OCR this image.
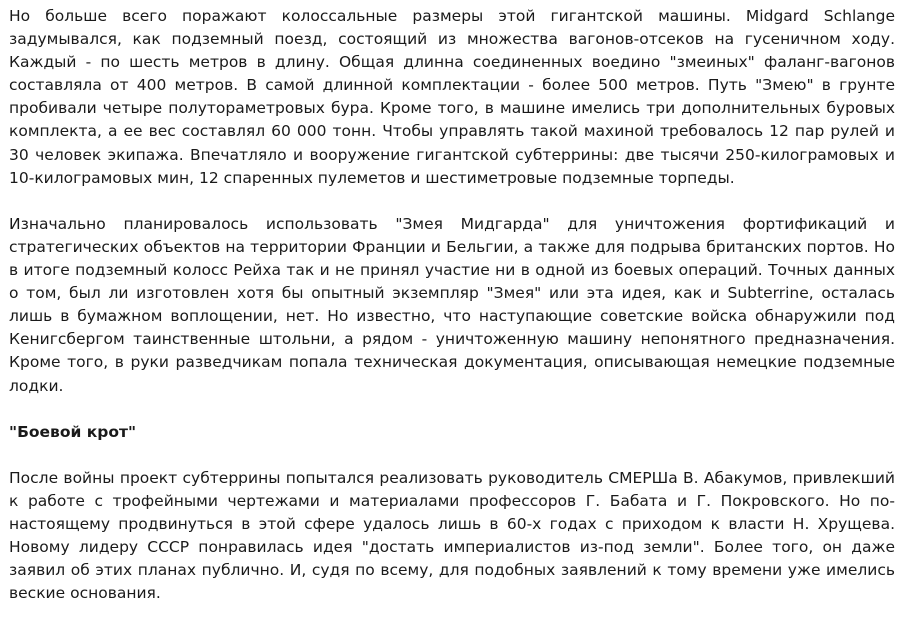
Но больше всего поражают колоссальные размеры этой гигантской машины. Midgard Schlange задумывался, как подземный поезд, состоящий из множества вагонов-отсеков на гусеничном ходу. Каждый - по шесть метров в длину. Общая длинна соединенных воедино "змеиных" фаланг-вагонов составляла от 400 метров. В самой длинной комплектации - более 500 метров. Путь "Змею" в грунте пробивали четыре полутораметровых бура. Кроме того, в машине имелись три дополнительных буровых комплекта, а ее вес составлял 60 000 тонн. Чтобы управлять такой махиной требовалось 12 пар рулей и 30 человек экипажа. Впечатляло и вооружение гигантской субтеррины: две тысячи 250-килограмовых и 10-килограмовых мин, 12 спаренных пулеметов и шестиметровые подземные торпеды.

Изначально планировалось использовать "Змея Мидгарда" для уничтожения фортификаций и стратегических объектов на территории Франции и Бельгии, а также для подрыва британских портов. Но в итоге подземный колосс Рейха так и не принял участие ни в одной из боевых операций. Точных данных о том, был ли изготовлен хотя бы опытный экземпляр "Змея" или эта идея, как и Subterrine, осталась лишь в бумажном воплощении, нет. Но известно, что наступающие советские войска обнаружили под Кенигсбергом таинственные штольни, а рядом - уничтоженную машину непонятного предназначения. Кроме того, в руки разведчикам попала техническая документация, описывающая немецкие подземные лодки.

"Боевой крот"

После войны проект субтеррины попытался реализовать руководитель СМЕРШа В. Абакумов, привлекший к работе с трофейными чертежами и материалами профессоров Г. Бабата и Г. Покровского. Но по-настоящему продвинуться в этой сфере удалось лишь в 60-х годах с приходом к власти Н. Хрущева. Новому лидеру СССР понравилась идея "достать империалистов из-под земли". Более того, он даже заявил об этих планах публично. И, судя по всему, для подобных заявлений к тому времени уже имелись веские основания.
